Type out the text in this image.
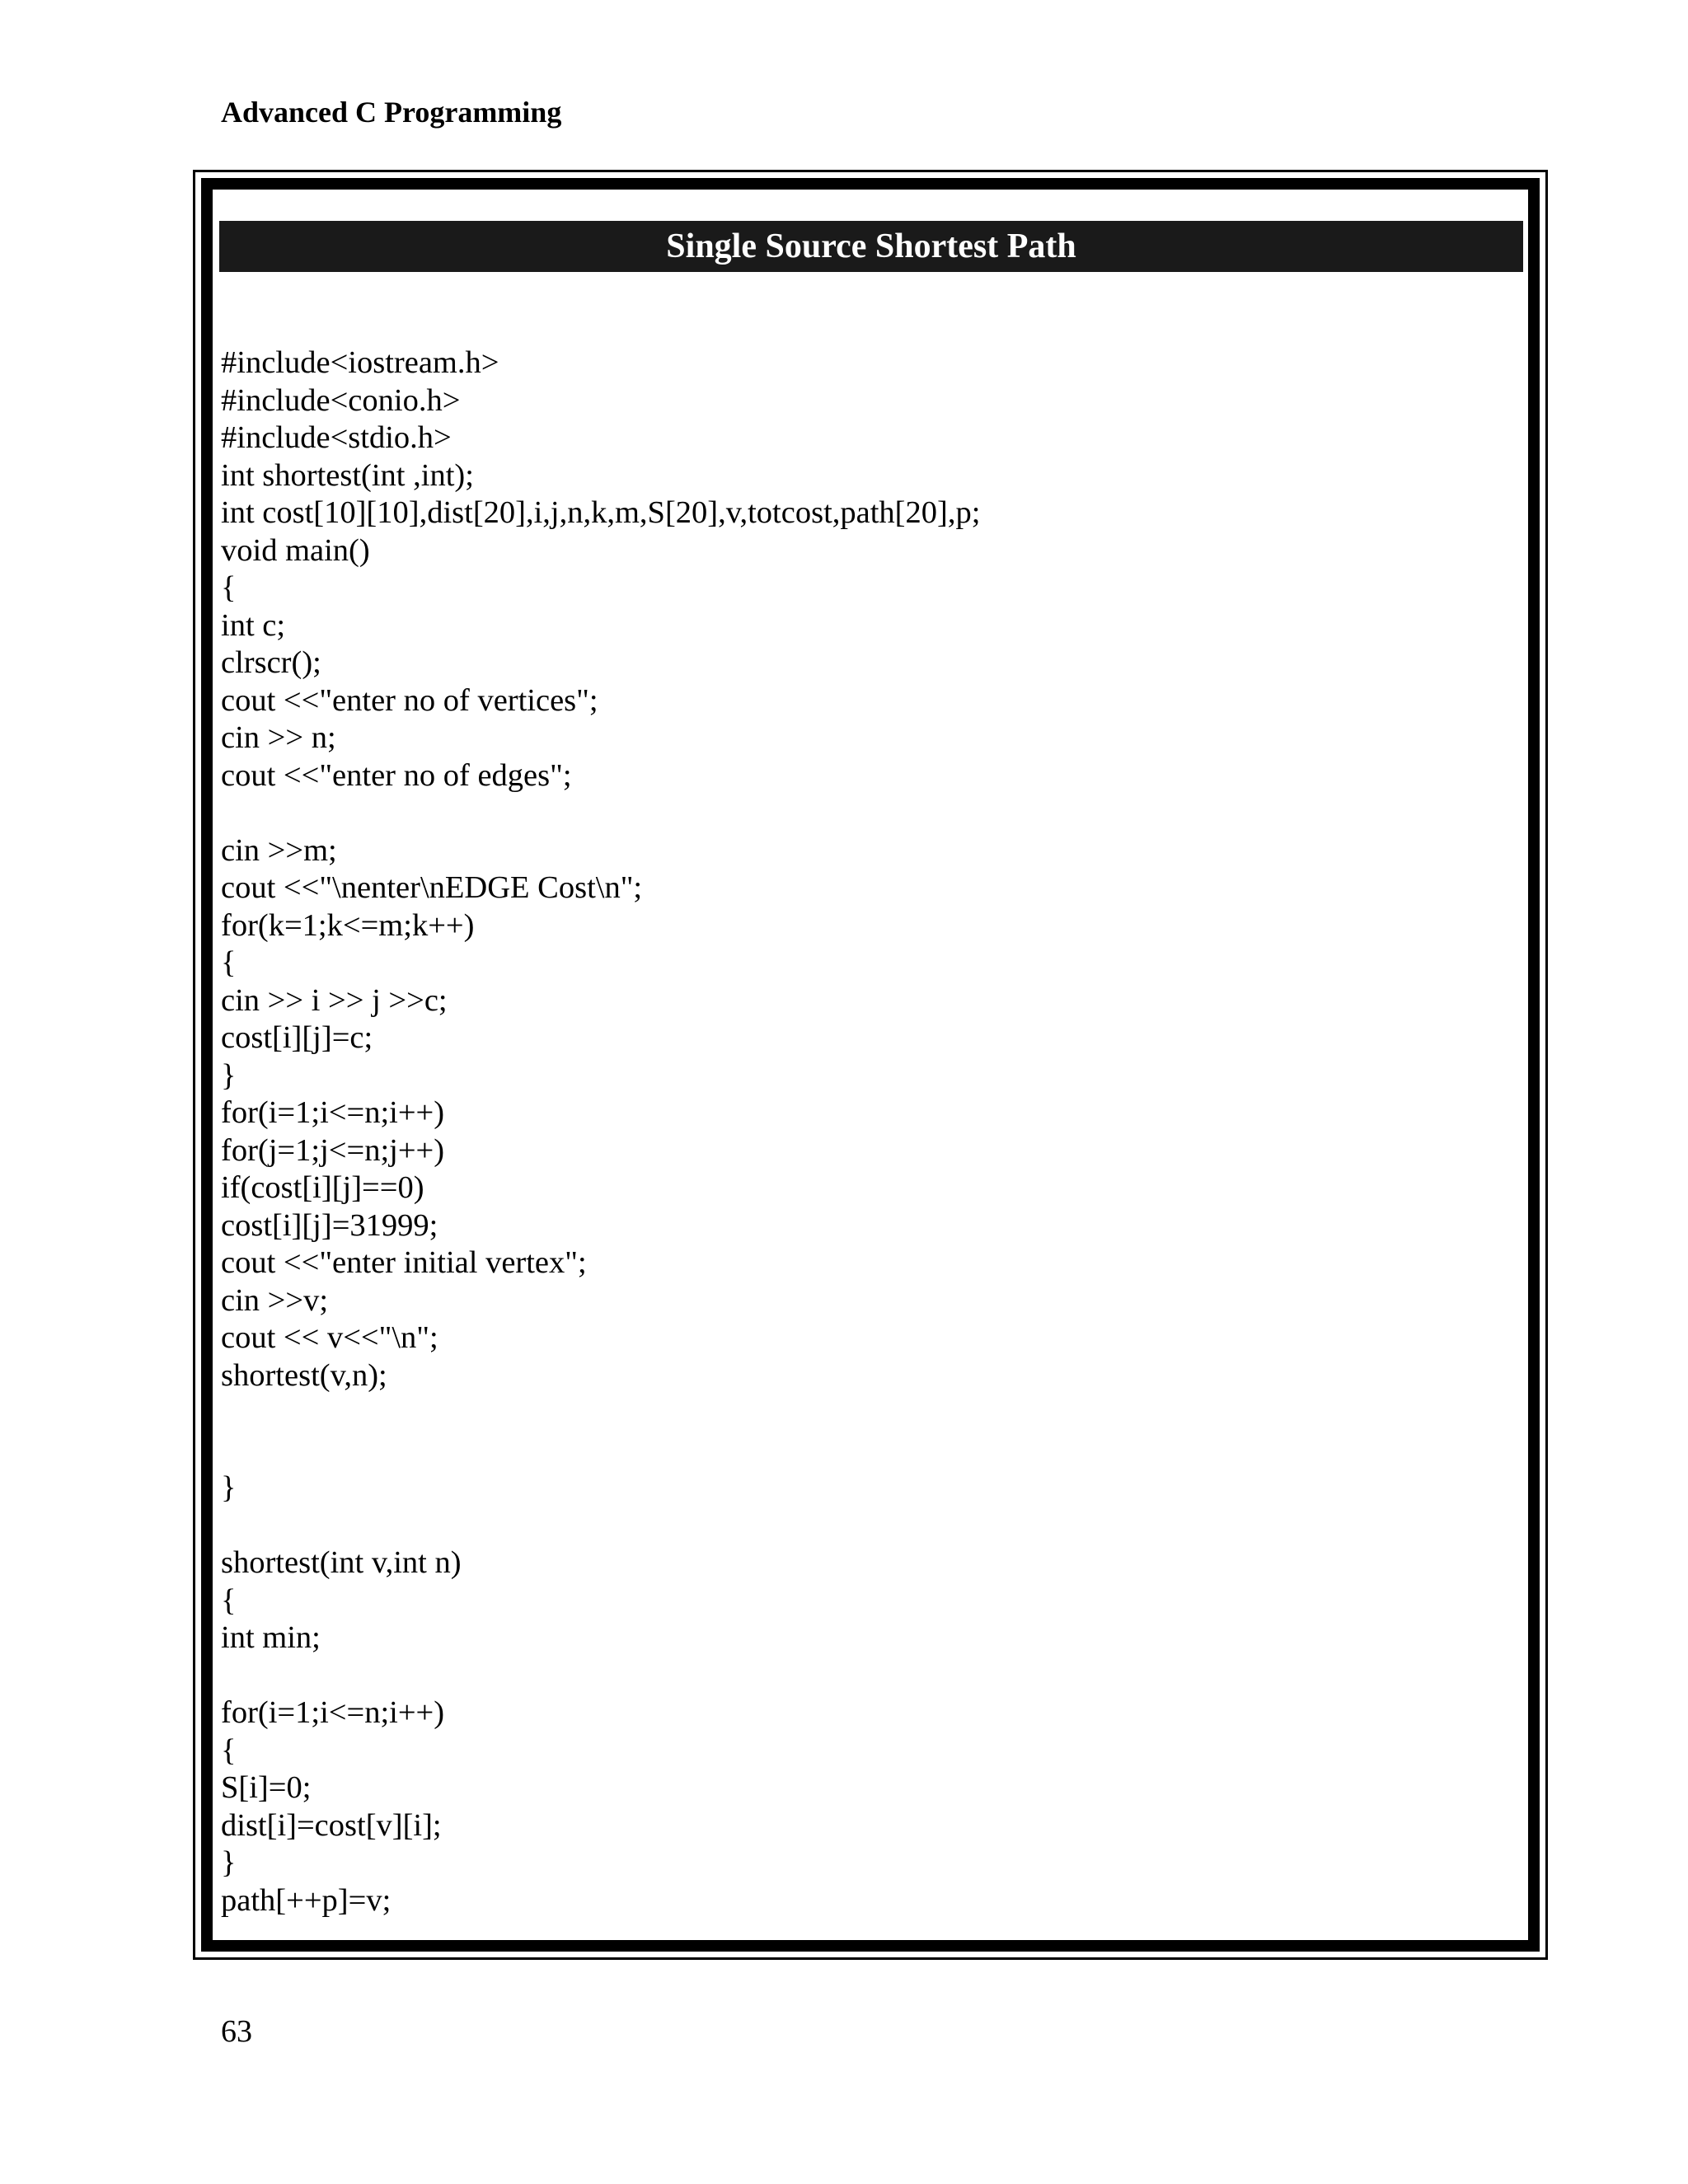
Advanced C Programming
Single Source Shortest Path
#include<iostream.h>
#include<conio.h>
#include<stdio.h>
int shortest(int ,int);
int cost[10][10],dist[20],i,j,n,k,m,S[20],v,totcost,path[20],p;
void main()
{
int c;
clrscr();
cout <<"enter no of vertices";
cin >> n;
cout <<"enter no of edges";
cin >>m;
cout <<"\nenter\nEDGE Cost\n";
for(k=1;k<=m;k++)
{
cin >> i >> j >>c;
cost[i][j]=c;
}
for(i=1;i<=n;i++)
for(j=1;j<=n;j++)
if(cost[i][j]==0)
cost[i][j]=31999;
cout <<"enter initial vertex";
cin >>v;
cout << v<<"\n";
shortest(v,n);
}
shortest(int v,int n)
{
int min;
for(i=1;i<=n;i++)
{
S[i]=0;
dist[i]=cost[v][i];
}
path[++p]=v;
63
